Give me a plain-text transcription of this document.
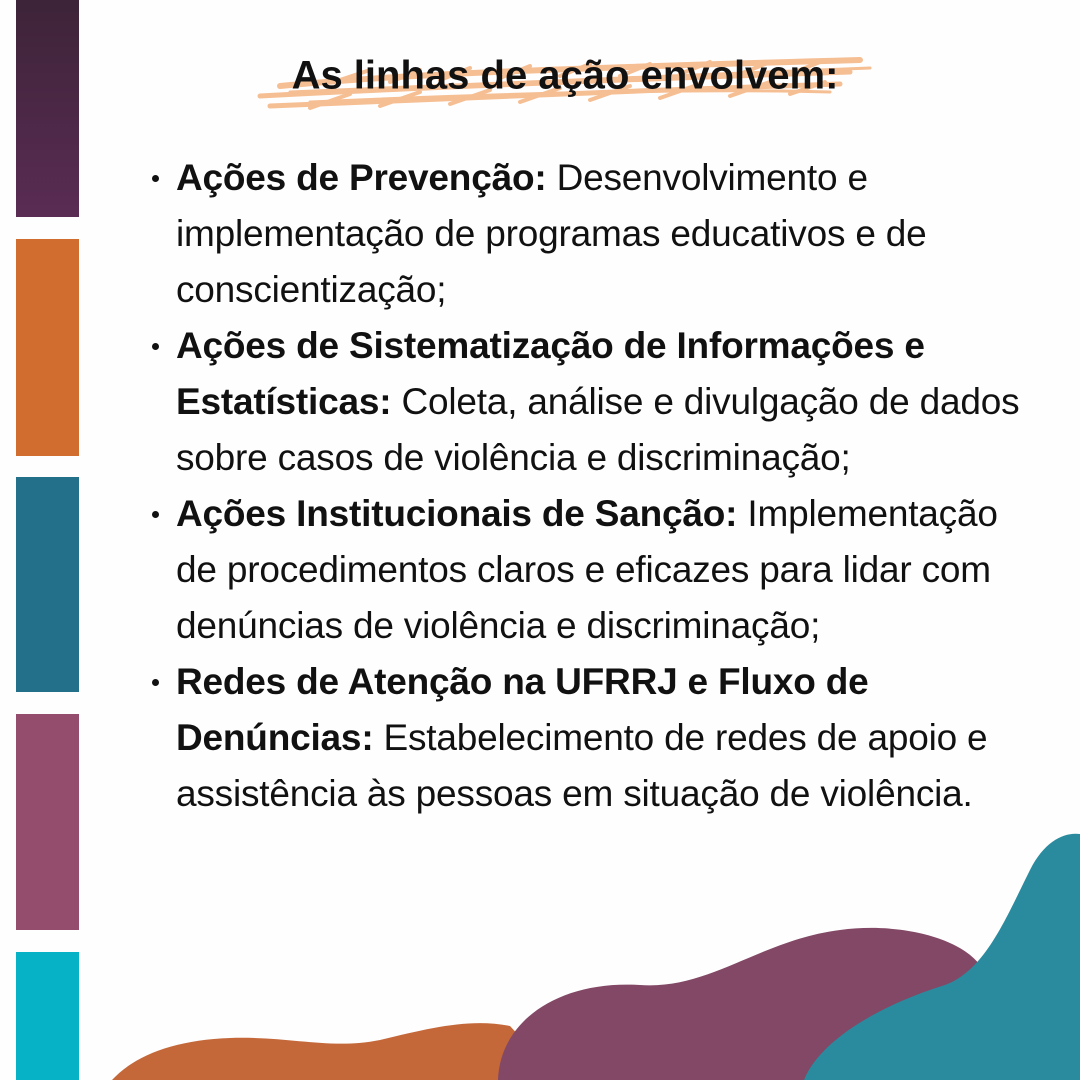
As linhas de ação envolvem:
Ações de Prevenção: Desenvolvimento e implementação de programas educativos e de conscientização;
Ações de Sistematização de Informações e Estatísticas: Coleta, análise e divulgação de dados sobre casos de violência e discriminação;
Ações Institucionais de Sanção: Implementação de procedimentos claros e eficazes para lidar com denúncias de violência e discriminação;
Redes de Atenção na UFRRJ e Fluxo de Denúncias: Estabelecimento de redes de apoio e assistência às pessoas em situação de violência.
